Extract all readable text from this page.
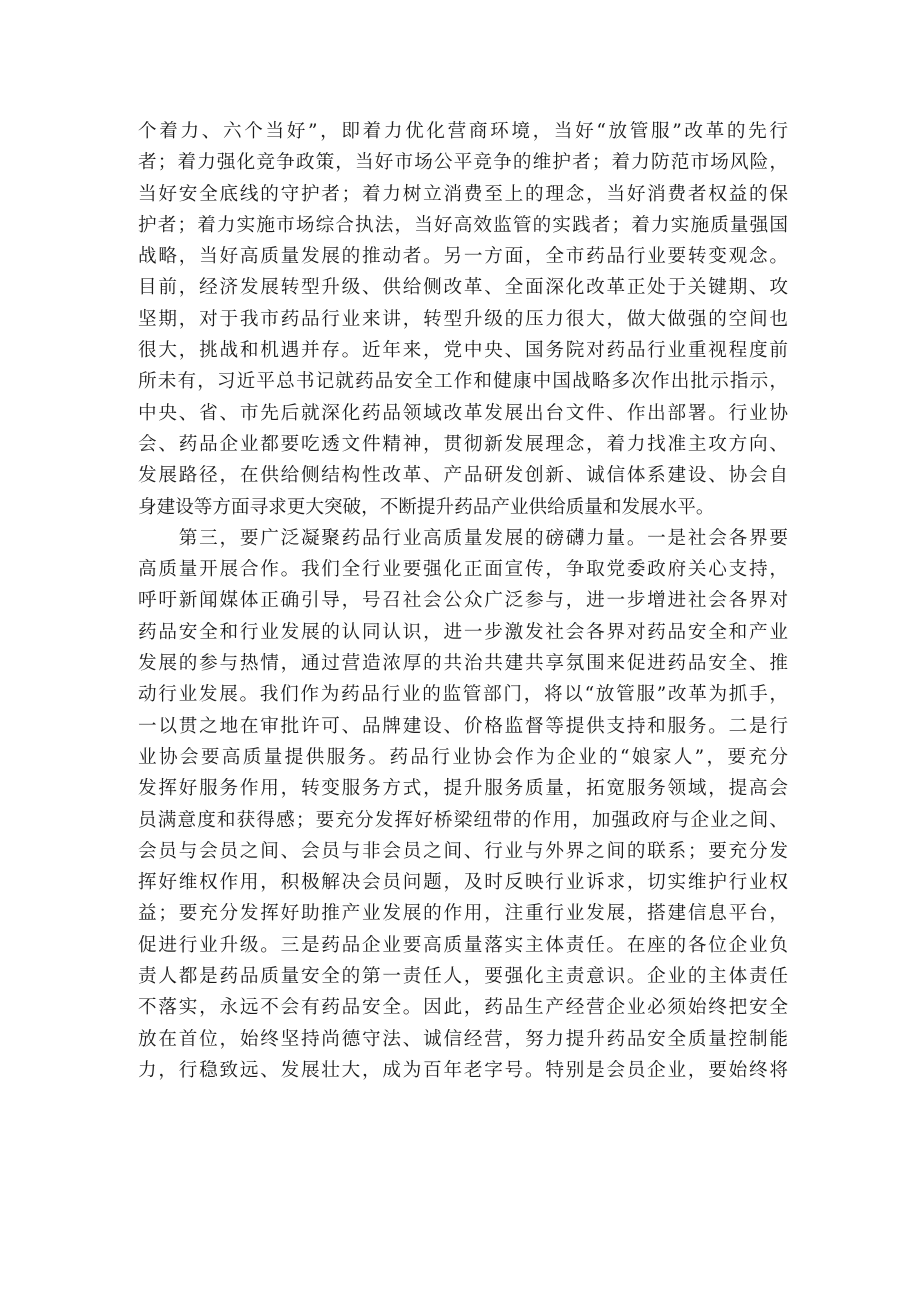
个着力、六个当好”，即着力优化营商环境，当好“放管服”改革的先行
者；着力强化竞争政策，当好市场公平竞争的维护者；着力防范市场风险，
当好安全底线的守护者；着力树立消费至上的理念，当好消费者权益的保
护者；着力实施市场综合执法，当好高效监管的实践者；着力实施质量强国
战略，当好高质量发展的推动者。另一方面，全市药品行业要转变观念。
目前，经济发展转型升级、供给侧改革、全面深化改革正处于关键期、攻
坚期，对于我市药品行业来讲，转型升级的压力很大，做大做强的空间也
很大，挑战和机遇并存。近年来，党中央、国务院对药品行业重视程度前
所未有，习近平总书记就药品安全工作和健康中国战略多次作出批示指示，
中央、省、市先后就深化药品领域改革发展出台文件、作出部署。行业协
会、药品企业都要吃透文件精神，贯彻新发展理念，着力找准主攻方向、
发展路径，在供给侧结构性改革、产品研发创新、诚信体系建设、协会自
身建设等方面寻求更大突破，不断提升药品产业供给质量和发展水平。
　　第三，要广泛凝聚药品行业高质量发展的磅礴力量。一是社会各界要
高质量开展合作。我们全行业要强化正面宣传，争取党委政府关心支持，
呼吁新闻媒体正确引导，号召社会公众广泛参与，进一步增进社会各界对
药品安全和行业发展的认同认识，进一步激发社会各界对药品安全和产业
发展的参与热情，通过营造浓厚的共治共建共享氛围来促进药品安全、推
动行业发展。我们作为药品行业的监管部门，将以“放管服”改革为抓手，
一以贯之地在审批许可、品牌建设、价格监督等提供支持和服务。二是行
业协会要高质量提供服务。药品行业协会作为企业的“娘家人”，要充分
发挥好服务作用，转变服务方式，提升服务质量，拓宽服务领域，提高会
员满意度和获得感；要充分发挥好桥梁纽带的作用，加强政府与企业之间、
会员与会员之间、会员与非会员之间、行业与外界之间的联系；要充分发
挥好维权作用，积极解决会员问题，及时反映行业诉求，切实维护行业权
益；要充分发挥好助推产业发展的作用，注重行业发展，搭建信息平台，
促进行业升级。三是药品企业要高质量落实主体责任。在座的各位企业负
责人都是药品质量安全的第一责任人，要强化主责意识。企业的主体责任
不落实，永远不会有药品安全。因此，药品生产经营企业必须始终把安全
放在首位，始终坚持尚德守法、诚信经营，努力提升药品安全质量控制能
力，行稳致远、发展壮大，成为百年老字号。特别是会员企业，要始终将
